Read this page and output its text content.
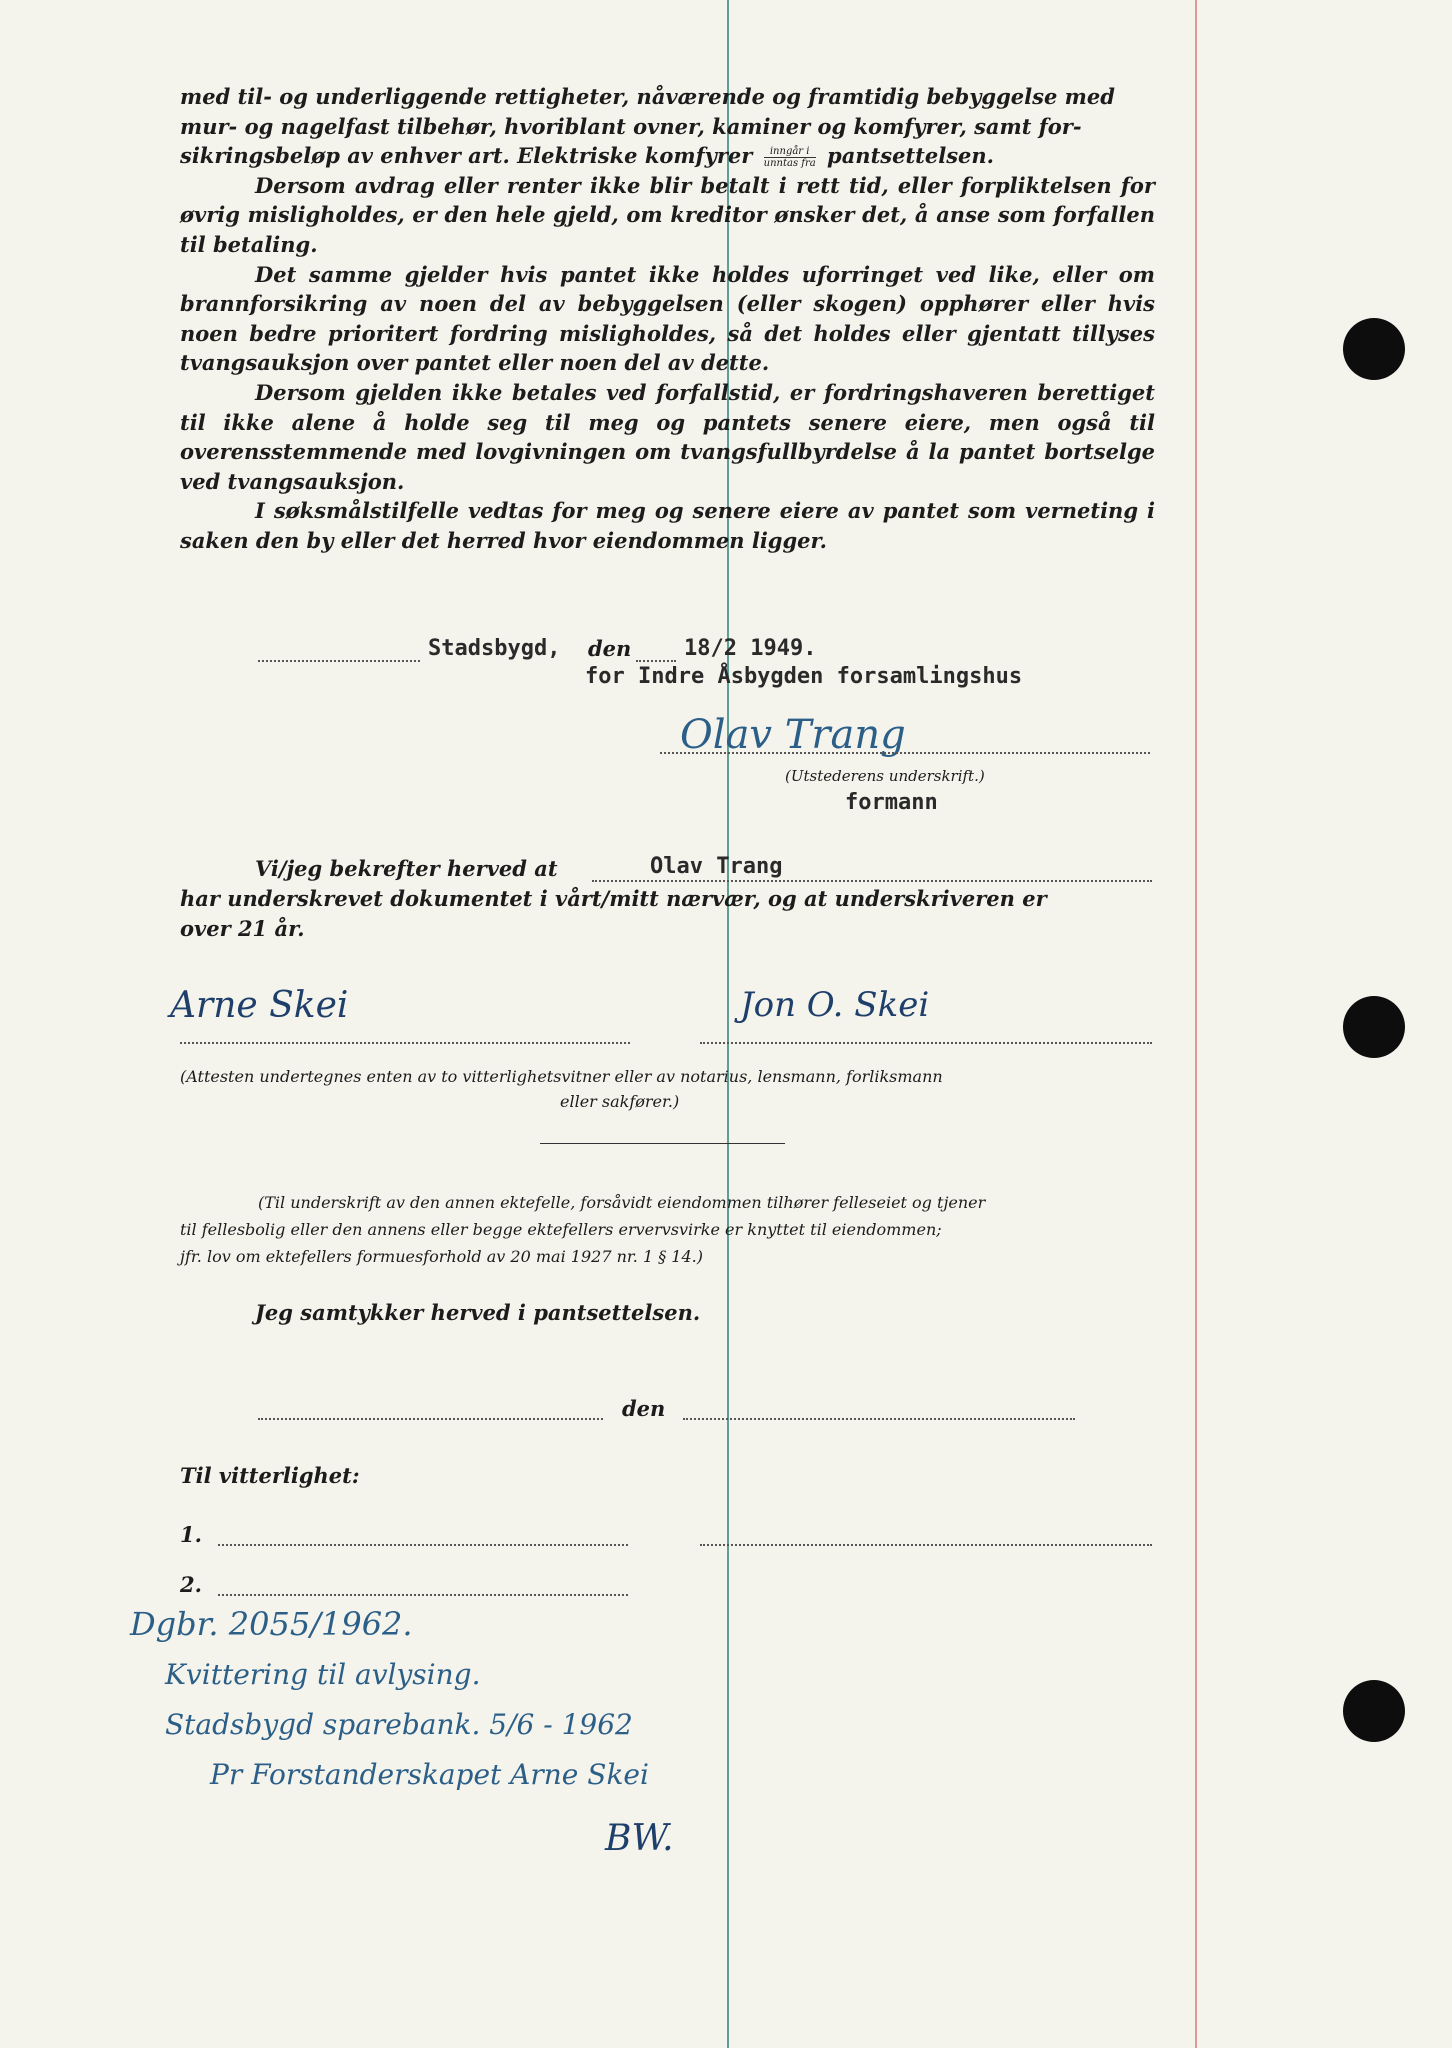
med til- og underliggende rettigheter, nåværende og framtidig bebyggelse med

mur- og nagelfast tilbehør, hvoriblant ovner, kaminer og komfyrer, samt for-

sikringsbeløp av enhver art. Elektriske komfyrer $\frac{\text{inngår i}}{\text{unntas fra}}$ pantsettelsen.

Dersom avdrag eller renter ikke blir betalt i rett tid, eller forpliktelsen for øvrig misligholdes, er den hele gjeld, om kreditor ønsker det, å anse som forfallen til betaling.

Det samme gjelder hvis pantet ikke holdes uforringet ved like, eller om brannforsikring av noen del av bebyggelsen (eller skogen) opphører eller hvis noen bedre prioritert fordring misligholdes, så det holdes eller gjentatt tillyses tvangsauksjon over pantet eller noen del av dette.

Dersom gjelden ikke betales ved forfallstid, er fordringshaveren berettiget til ikke alene å holde seg til meg og pantets senere eiere, men også til overensstemmende med lovgivningen om tvangsfullbyrdelse å la pantet bortselge ved tvangsauksjon.

I søksmålstilfelle vedtas for meg og senere eiere av pantet som verneting i saken den by eller det herred hvor eiendommen ligger.

Stadsbygd, den 18/2 1949.
for Indre Åsbygden forsamlingshus
Olav Trang
(Utstederens underskrift.)
formann
Vi/jeg bekrefter herved at	Olav Trang
har underskrevet dokumentet i vårt/mitt nærvær, og at underskriveren er
over 21 år.
Arne Skei	Jon O. Skei
(Attesten undertegnes enten av to vitterlighetsvitner eller av notarius, lensmann, forliksmann
eller sakfører.)
(Til underskrift av den annen ektefelle, forsåvidt eiendommen tilhører felleseiet og tjener
til fellesbolig eller den annens eller begge ektefellers ervervsvirke er knyttet til eiendommen;
jfr. lov om ektefellers formuesforhold av 20 mai 1927 nr. 1 § 14.)
Jeg samtykker herved i pantsettelsen.
den
Til vitterlighet:
1.
2.
Dgbr. 2055/1962.
Kvittering til avlysing.
Stadsbygd sparebank. 5/6 - 1962
Pr Forstanderskapet Arne Skei
BW.
